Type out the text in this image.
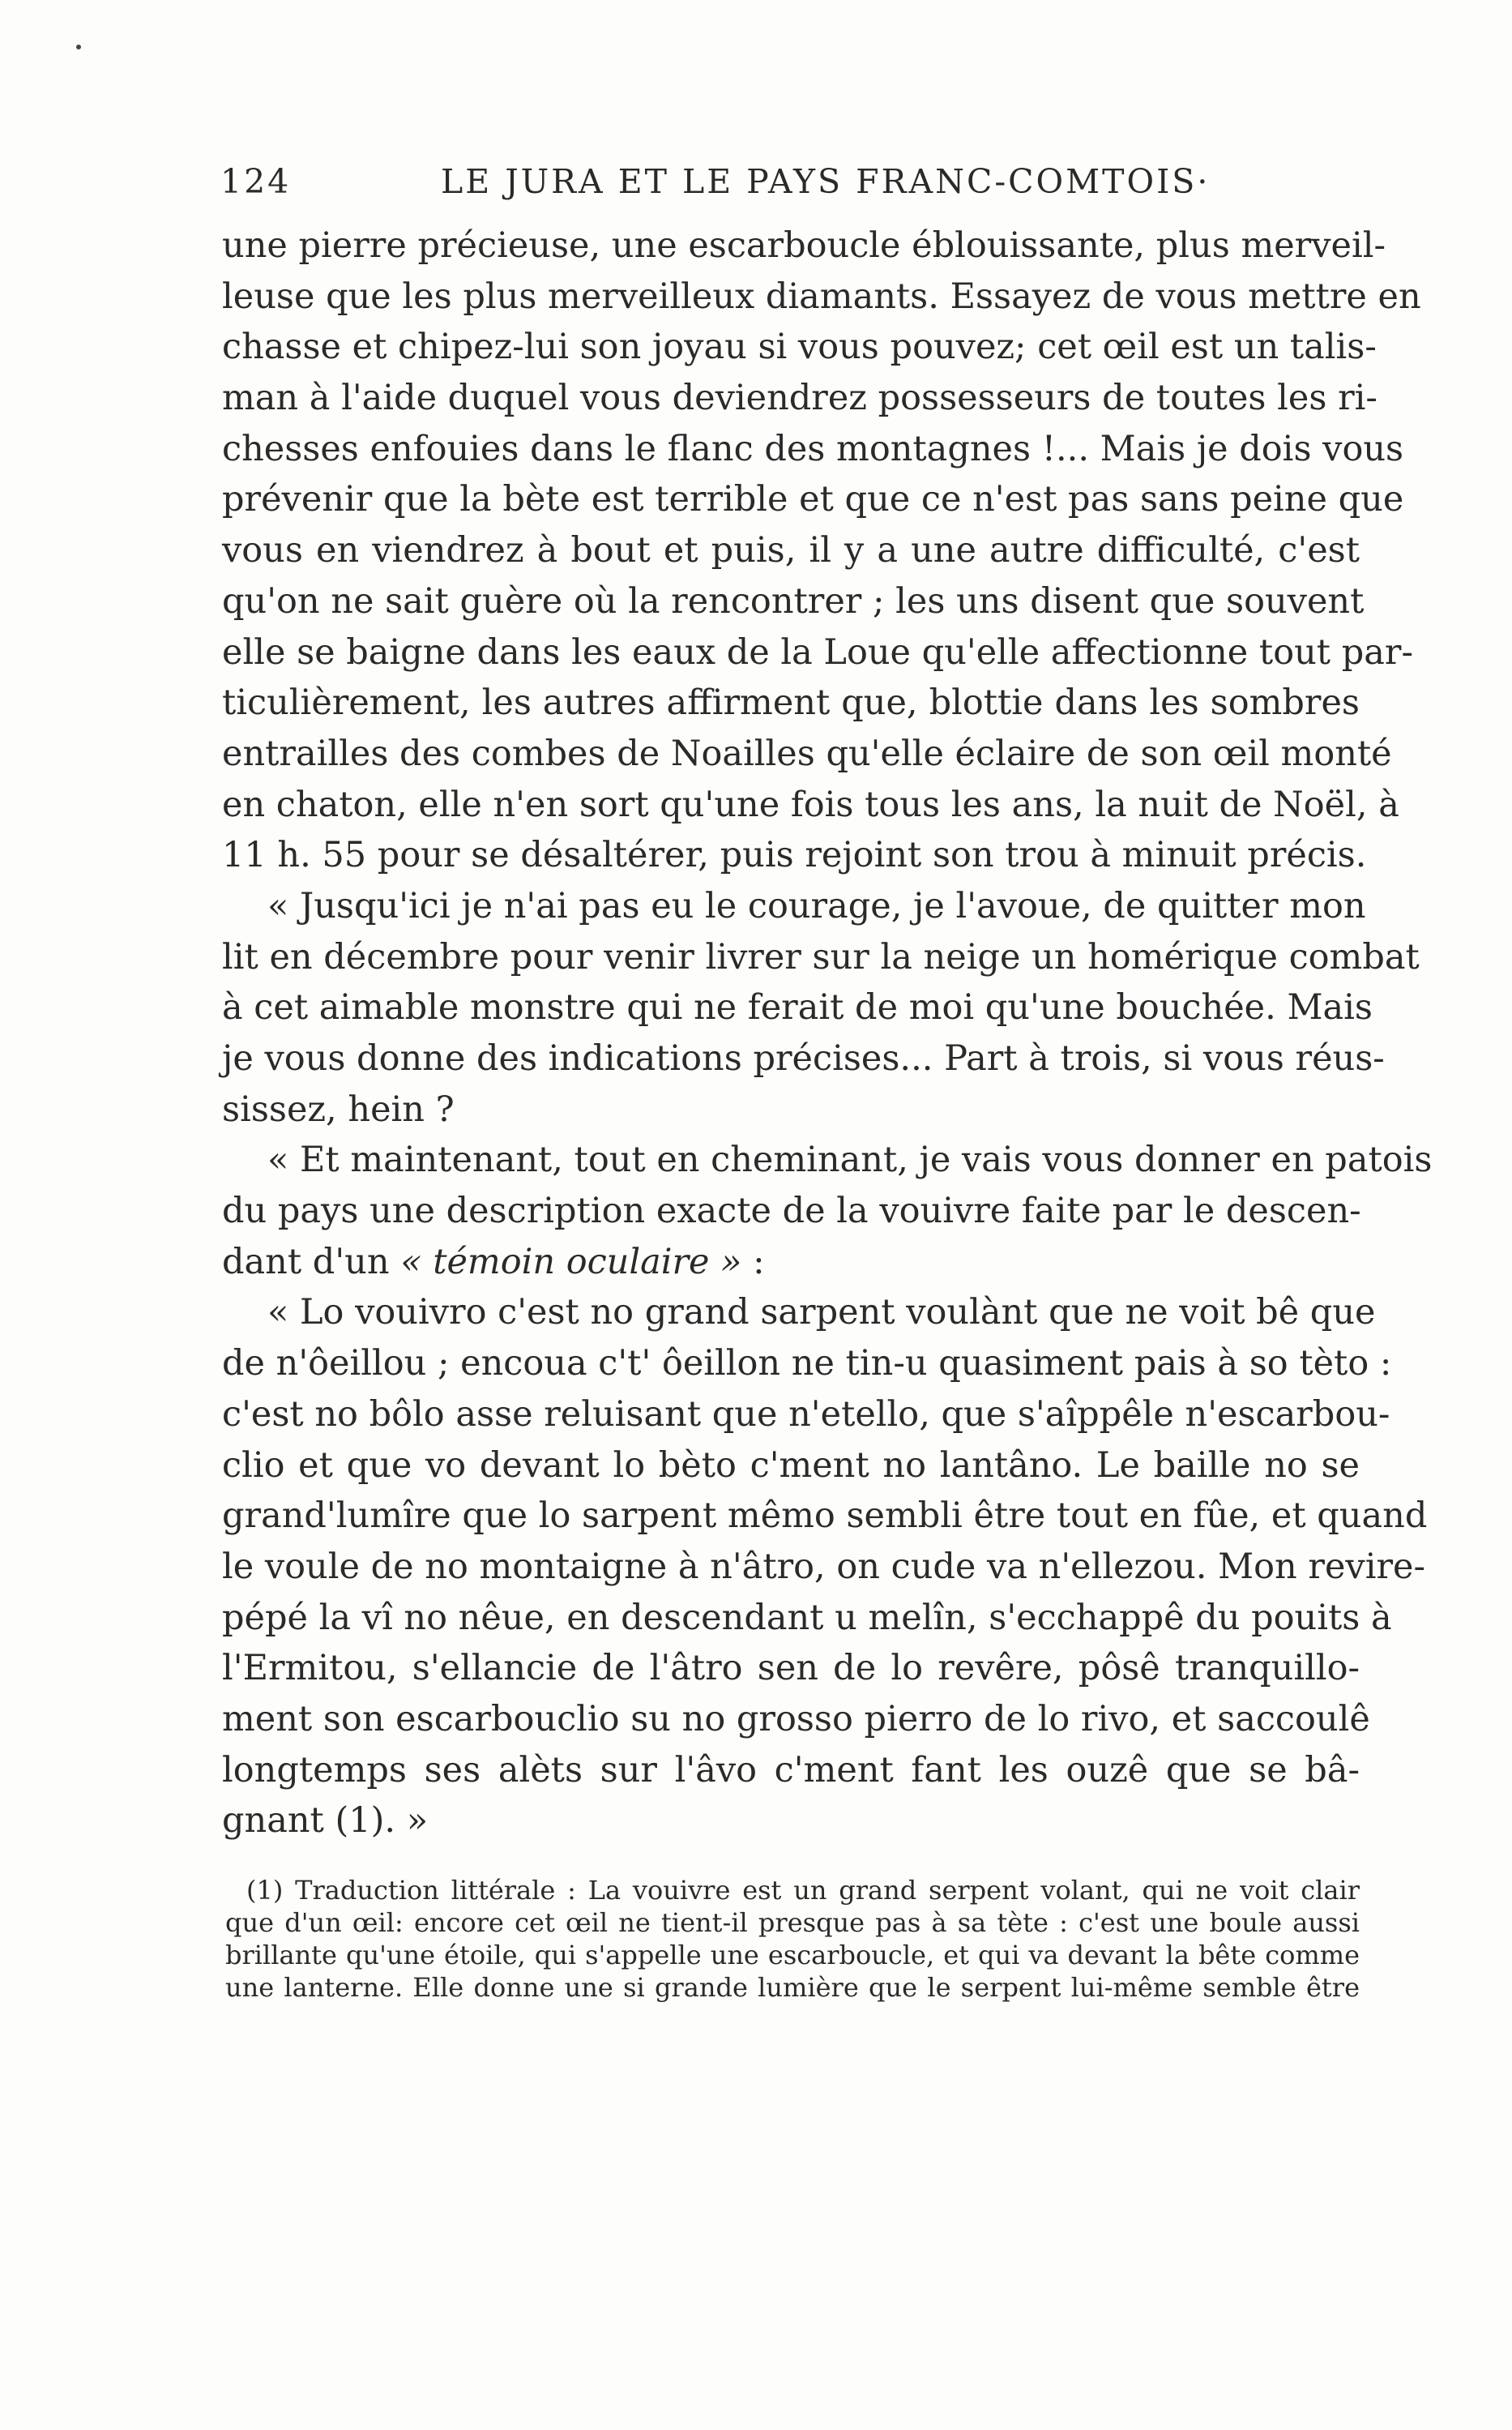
124	LE JURA ET LE PAYS FRANC-COMTOIS·
une pierre précieuse, une escarboucle éblouissante, plus merveil-
leuse que les plus merveilleux diamants. Essayez de vous mettre en
chasse et chipez-lui son joyau si vous pouvez; cet œil est un talis-
man à l'aide duquel vous deviendrez possesseurs de toutes les ri-
chesses enfouies dans le flanc des montagnes !... Mais je dois vous
prévenir que la bète est terrible et que ce n'est pas sans peine que
vous en viendrez à bout et puis, il y a une autre difficulté, c'est
qu'on ne sait guère où la rencontrer ; les uns disent que souvent
elle se baigne dans les eaux de la Loue qu'elle affectionne tout par-
ticulièrement, les autres affirment que, blottie dans les sombres
entrailles des combes de Noailles qu'elle éclaire de son œil monté
en chaton, elle n'en sort qu'une fois tous les ans, la nuit de Noël, à
11 h. 55 pour se désaltérer, puis rejoint son trou à minuit précis.
« Jusqu'ici je n'ai pas eu le courage, je l'avoue, de quitter mon
lit en décembre pour venir livrer sur la neige un homérique combat
à cet aimable monstre qui ne ferait de moi qu'une bouchée. Mais
je vous donne des indications précises... Part à trois, si vous réus-
sissez, hein ?
« Et maintenant, tout en cheminant, je vais vous donner en patois
du pays une description exacte de la vouivre faite par le descen-
dant d'un « témoin oculaire » :
« Lo vouivro c'est no grand sarpent voulànt que ne voit bê que
de n'ôeillou ; encoua c't' ôeillon ne tin-u quasiment pais à so tèto :
c'est no bôlo asse reluisant que n'etello, que s'aîppêle n'escarbou-
clio et que vo devant lo bèto c'ment no lantâno. Le baille no se
grand'lumîre que lo sarpent mêmo sembli être tout en fûe, et quand
le voule de no montaigne à n'âtro, on cude va n'ellezou. Mon revire-
pépé la vî no nêue, en descendant u melîn, s'ecchappê du pouits à
l'Ermitou, s'ellancie de l'âtro sen de lo revêre, pôsê tranquillo-
ment son escarbouclio su no grosso pierro de lo rivo, et saccoulê
longtemps ses alèts sur l'âvo c'ment fant les ouzê que se bâ-
gnant (1). »
(1) Traduction littérale : La vouivre est un grand serpent volant, qui ne voit clair
que d'un œil: encore cet œil ne tient-il presque pas à sa tète : c'est une boule aussi
brillante qu'une étoile, qui s'appelle une escarboucle, et qui va devant la bête comme
une lanterne. Elle donne une si grande lumière que le serpent lui-même semble être
